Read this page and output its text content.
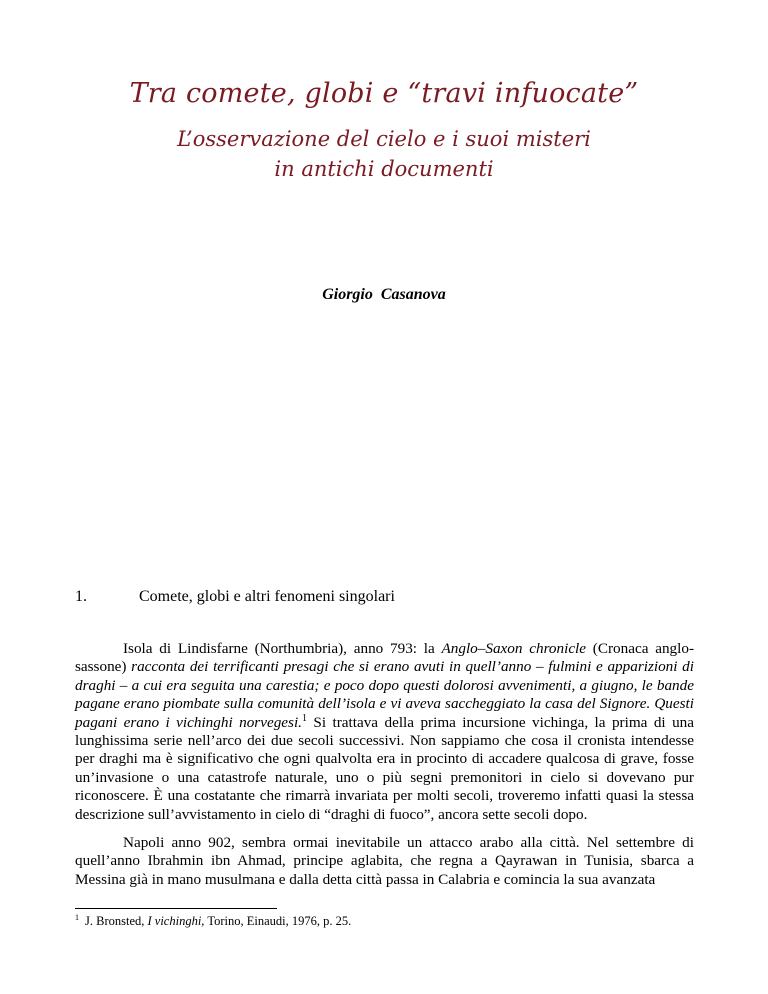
Tra comete, globi e “travi infuocate”
L’osservazione del cielo e i suoi misteri
in antichi documenti
Giorgio Casanova
1.	Comete, globi e altri fenomeni singolari

Isola di Lindisfarne (Northumbria), anno 793: la Anglo–Saxon chronicle (Cronaca anglo-sassone) racconta dei terrificanti presagi che si erano avuti in quell’anno – fulmini e apparizioni di draghi – a cui era seguita una carestia; e poco dopo questi dolorosi avvenimenti, a giugno, le bande pagane erano piombate sulla comunità dell’isola e vi aveva saccheggiato la casa del Signore. Questi pagani erano i vichinghi norvegesi.$^1$ Si trattava della prima incursione vichinga, la prima di una lunghissima serie nell’arco dei due secoli successivi. Non sappiamo che cosa il cronista intendesse per draghi ma è significativo che ogni qualvolta era in procinto di accadere qualcosa di grave, fosse un’invasione o una catastrofe naturale, uno o più segni premonitori in cielo si dovevano pur riconoscere. È una costatante che rimarrà invariata per molti secoli, troveremo infatti quasi la stessa descrizione sull’avvistamento in cielo di “draghi di fuoco”, ancora sette secoli dopo.

Napoli anno 902, sembra ormai inevitabile un attacco arabo alla città. Nel settembre di quell’anno Ibrahmin ibn Ahmad, principe aglabita, che regna a Qayrawan in Tunisia, sbarca a Messina già in mano musulmana e dalla detta città passa in Calabria e comincia la sua avanzata

$^1$ J. Bronsted, I vichinghi, Torino, Einaudi, 1976, p. 25.
